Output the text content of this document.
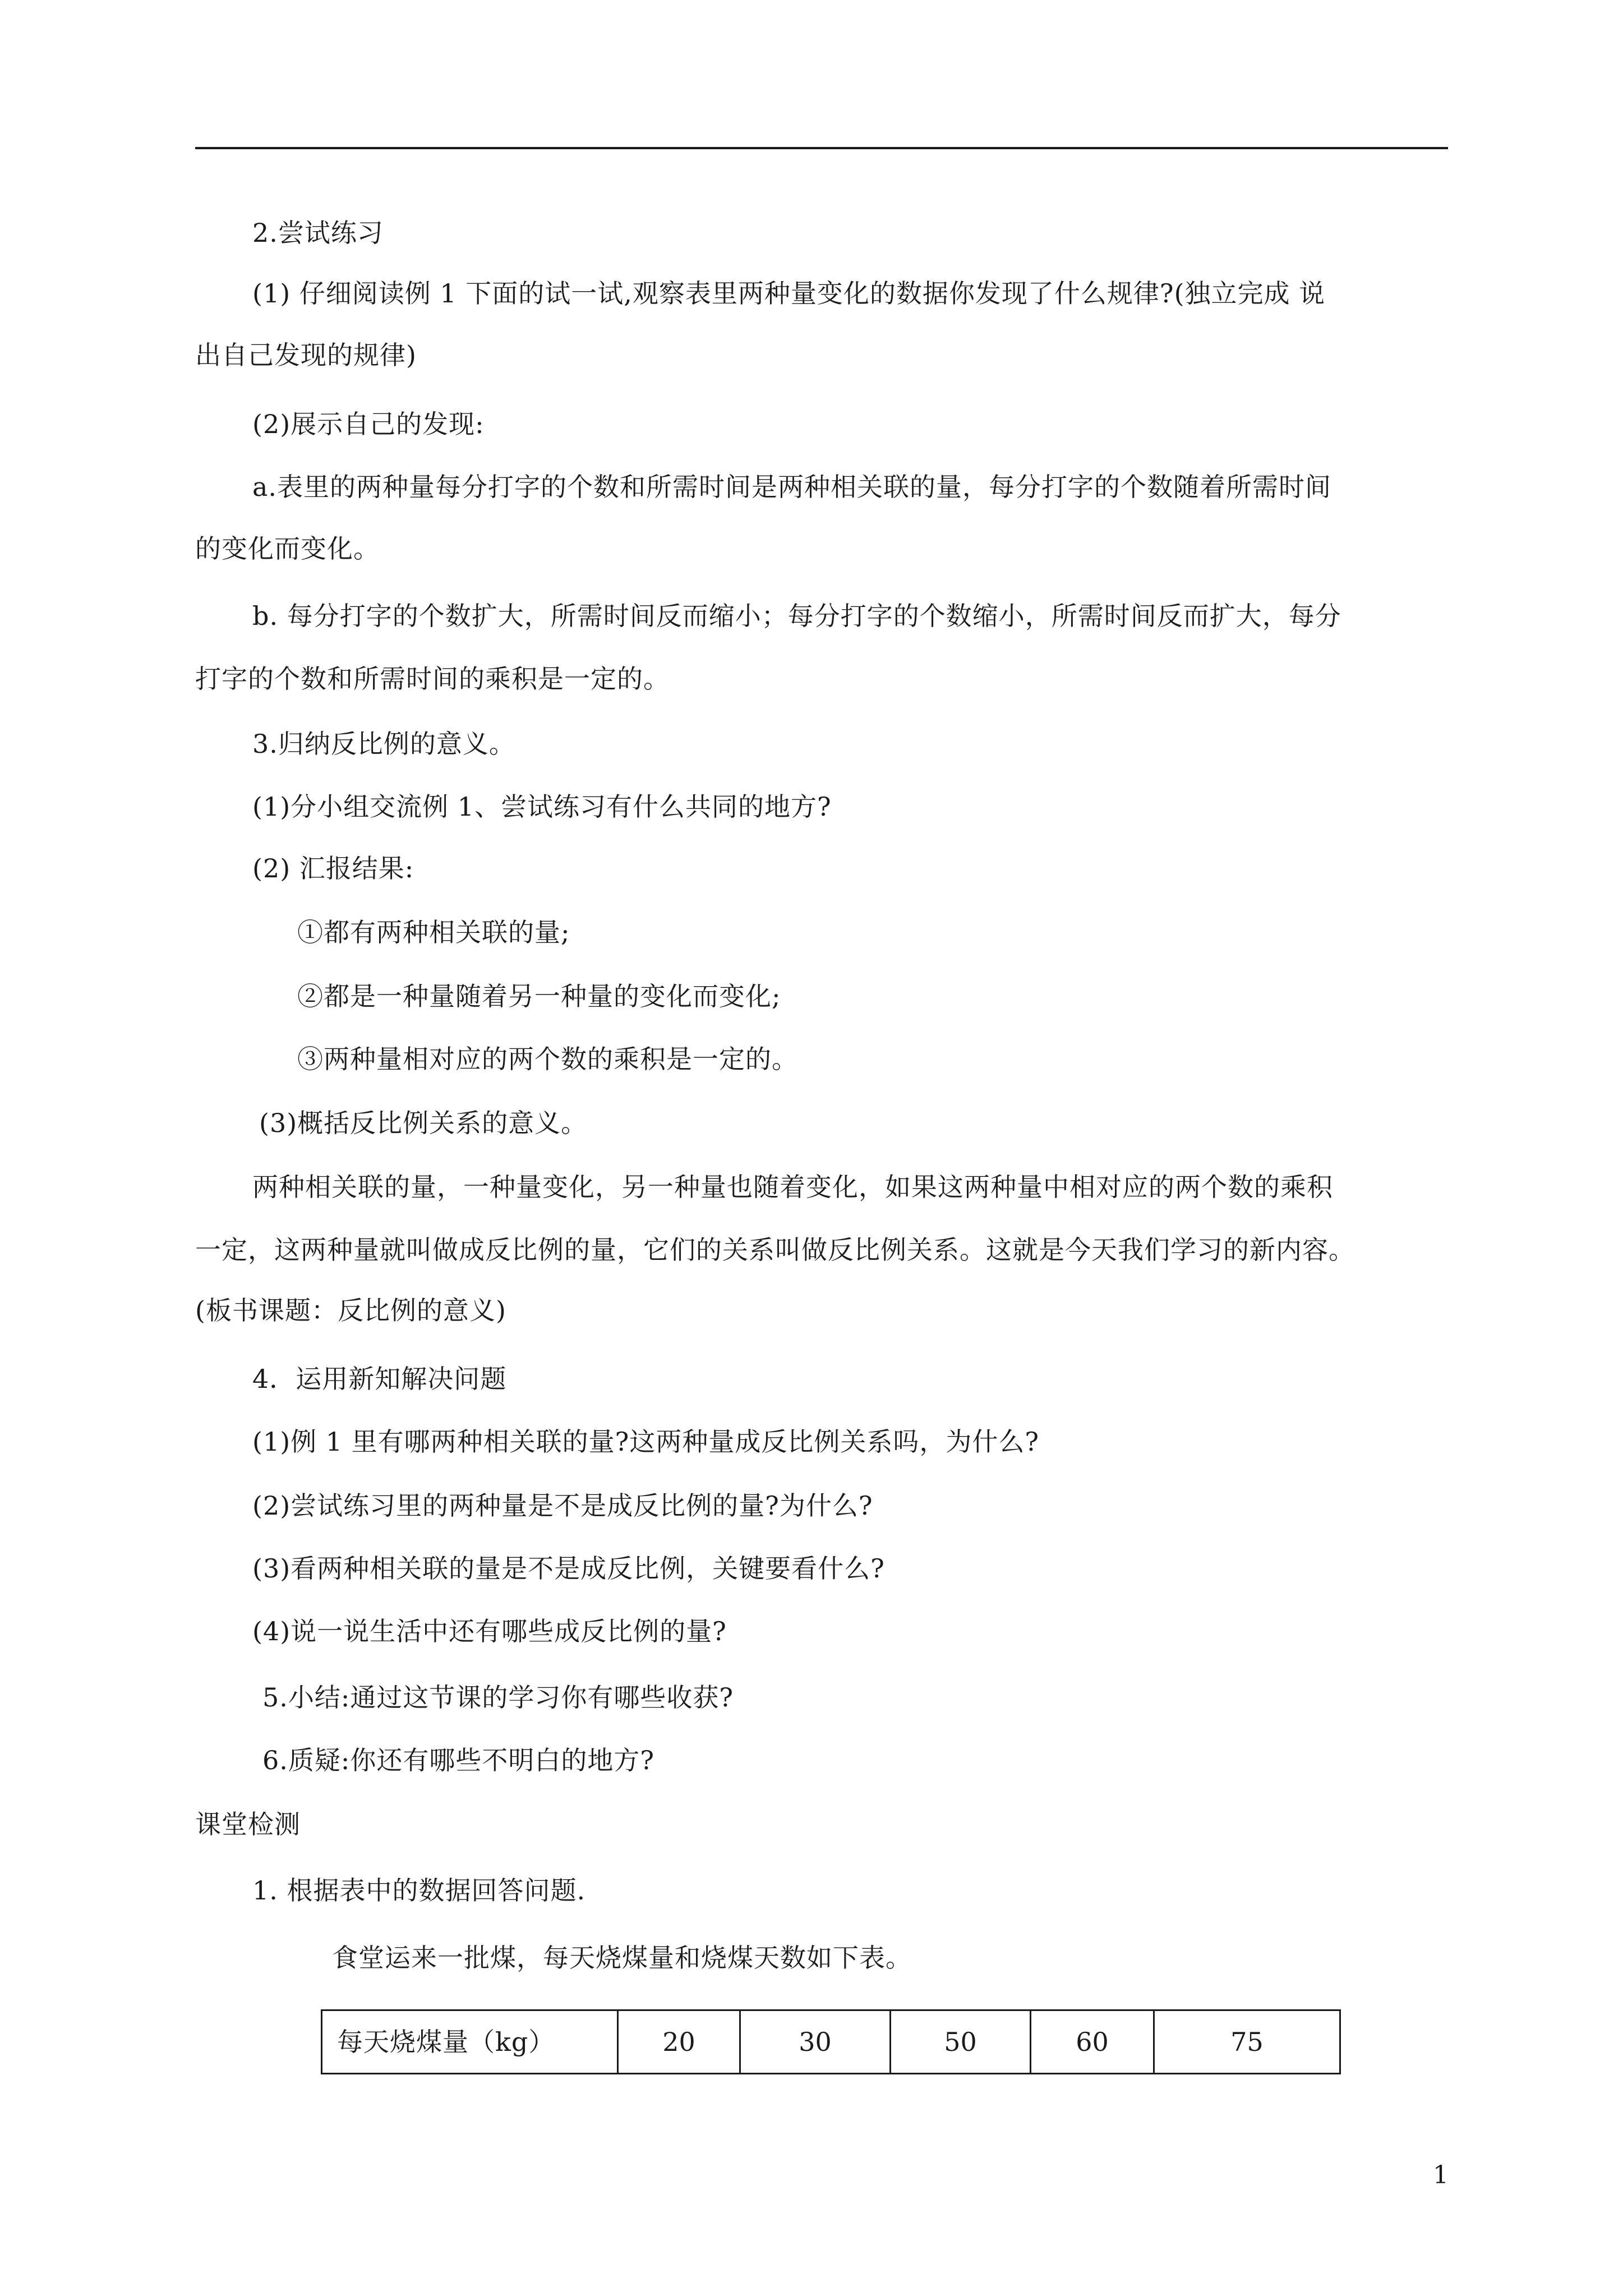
2.尝试练习
(1) 仔细阅读例 1 下面的试一试,观察表里两种量变化的数据你发现了什么规律?(独立完成 说
出自己发现的规律)
(2)展示自己的发现:
a.表里的两种量每分打字的个数和所需时间是两种相关联的量，每分打字的个数随着所需时间
的变化而变化。
b. 每分打字的个数扩大，所需时间反而缩小；每分打字的个数缩小，所需时间反而扩大，每分
打字的个数和所需时间的乘积是一定的。
3.归纳反比例的意义。
(1)分小组交流例 1、尝试练习有什么共同的地方?
(2) 汇报结果:
①都有两种相关联的量;
②都是一种量随着另一种量的变化而变化;
③两种量相对应的两个数的乘积是一定的。
(3)概括反比例关系的意义。
两种相关联的量，一种量变化，另一种量也随着变化，如果这两种量中相对应的两个数的乘积
一定，这两种量就叫做成反比例的量，它们的关系叫做反比例关系。这就是今天我们学习的新内容。
(板书课题：反比例的意义)
4．运用新知解决问题
(1)例 1 里有哪两种相关联的量?这两种量成反比例关系吗，为什么?
(2)尝试练习里的两种量是不是成反比例的量?为什么?
(3)看两种相关联的量是不是成反比例，关键要看什么?
(4)说一说生活中还有哪些成反比例的量?
5.小结:通过这节课的学习你有哪些收获?
6.质疑:你还有哪些不明白的地方?
课堂检测
1. 根据表中的数据回答问题.
食堂运来一批煤，每天烧煤量和烧煤天数如下表。
每天烧煤量（kg）	20	30	50	60	75
1
